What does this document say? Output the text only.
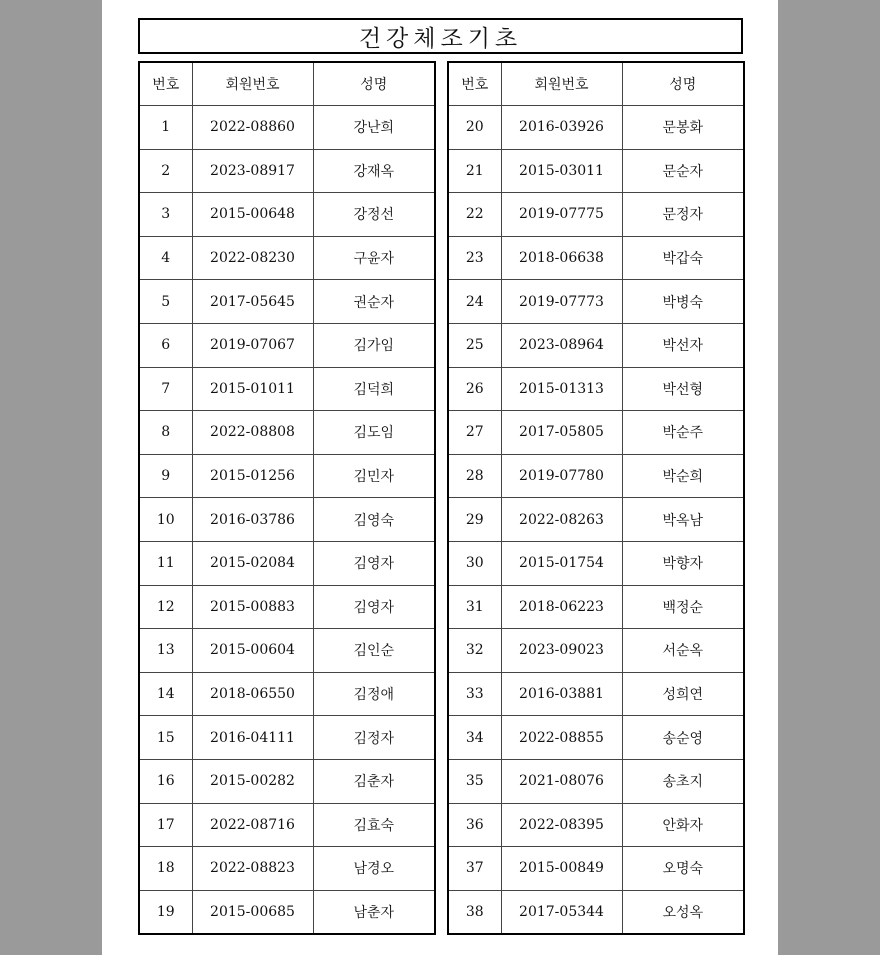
건강체조기초
번호	회원번호	성명
1	2022-08860	강난희
2	2023-08917	강재옥
3	2015-00648	강정선
4	2022-08230	구윤자
5	2017-05645	권순자
6	2019-07067	김가임
7	2015-01011	김덕희
8	2022-08808	김도임
9	2015-01256	김민자
10	2016-03786	김영숙
11	2015-02084	김영자
12	2015-00883	김영자
13	2015-00604	김인순
14	2018-06550	김정애
15	2016-04111	김정자
16	2015-00282	김춘자
17	2022-08716	김효숙
18	2022-08823	남경오
19	2015-00685	남춘자
번호	회원번호	성명
20	2016-03926	문봉화
21	2015-03011	문순자
22	2019-07775	문정자
23	2018-06638	박갑숙
24	2019-07773	박병숙
25	2023-08964	박선자
26	2015-01313	박선형
27	2017-05805	박순주
28	2019-07780	박순희
29	2022-08263	박옥남
30	2015-01754	박향자
31	2018-06223	백정순
32	2023-09023	서순옥
33	2016-03881	성희연
34	2022-08855	송순영
35	2021-08076	송초지
36	2022-08395	안화자
37	2015-00849	오명숙
38	2017-05344	오성옥
